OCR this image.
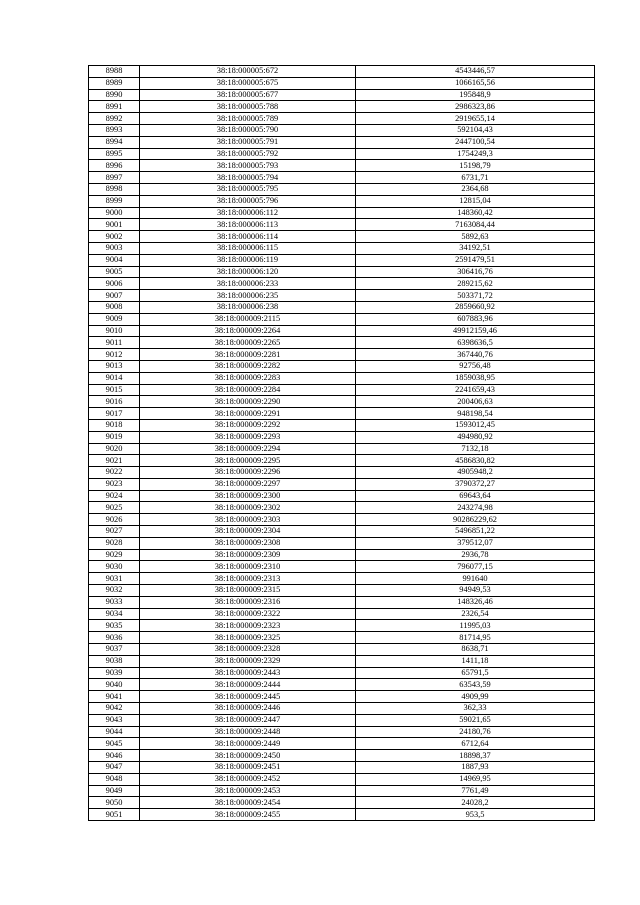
8988	38:18:000005:672	4543446,57
8989	38:18:000005:675	1066165,56
8990	38:18:000005:677	195848,9
8991	38:18:000005:788	2986323,86
8992	38:18:000005:789	2919655,14
8993	38:18:000005:790	592104,43
8994	38:18:000005:791	2447100,54
8995	38:18:000005:792	1754249,3
8996	38:18:000005:793	15198,79
8997	38:18:000005:794	6731,71
8998	38:18:000005:795	2364,68
8999	38:18:000005:796	12815,04
9000	38:18:000006:112	148360,42
9001	38:18:000006:113	7163084,44
9002	38:18:000006:114	5892,63
9003	38:18:000006:115	34192,51
9004	38:18:000006:119	2591479,51
9005	38:18:000006:120	306416,76
9006	38:18:000006:233	289215,62
9007	38:18:000006:235	503371,72
9008	38:18:000006:238	2859660,92
9009	38:18:000009:2115	607883,96
9010	38:18:000009:2264	49912159,46
9011	38:18:000009:2265	6398636,5
9012	38:18:000009:2281	367440,76
9013	38:18:000009:2282	92756,48
9014	38:18:000009:2283	1859038,95
9015	38:18:000009:2284	2241659,43
9016	38:18:000009:2290	200406,63
9017	38:18:000009:2291	948198,54
9018	38:18:000009:2292	1593012,45
9019	38:18:000009:2293	494980,92
9020	38:18:000009:2294	7132,18
9021	38:18:000009:2295	4586830,82
9022	38:18:000009:2296	4905948,2
9023	38:18:000009:2297	3790372,27
9024	38:18:000009:2300	69643,64
9025	38:18:000009:2302	243274,98
9026	38:18:000009:2303	90286229,62
9027	38:18:000009:2304	5496851,22
9028	38:18:000009:2308	379512,07
9029	38:18:000009:2309	2936,78
9030	38:18:000009:2310	796077,15
9031	38:18:000009:2313	991640
9032	38:18:000009:2315	94949,53
9033	38:18:000009:2316	148326,46
9034	38:18:000009:2322	2326,54
9035	38:18:000009:2323	11995,03
9036	38:18:000009:2325	81714,95
9037	38:18:000009:2328	8638,71
9038	38:18:000009:2329	1411,18
9039	38:18:000009:2443	65791,5
9040	38:18:000009:2444	63543,59
9041	38:18:000009:2445	4909,99
9042	38:18:000009:2446	362,33
9043	38:18:000009:2447	59021,65
9044	38:18:000009:2448	24180,76
9045	38:18:000009:2449	6712,64
9046	38:18:000009:2450	18898,37
9047	38:18:000009:2451	1887,93
9048	38:18:000009:2452	14969,95
9049	38:18:000009:2453	7761,49
9050	38:18:000009:2454	24028,2
9051	38:18:000009:2455	953,5
